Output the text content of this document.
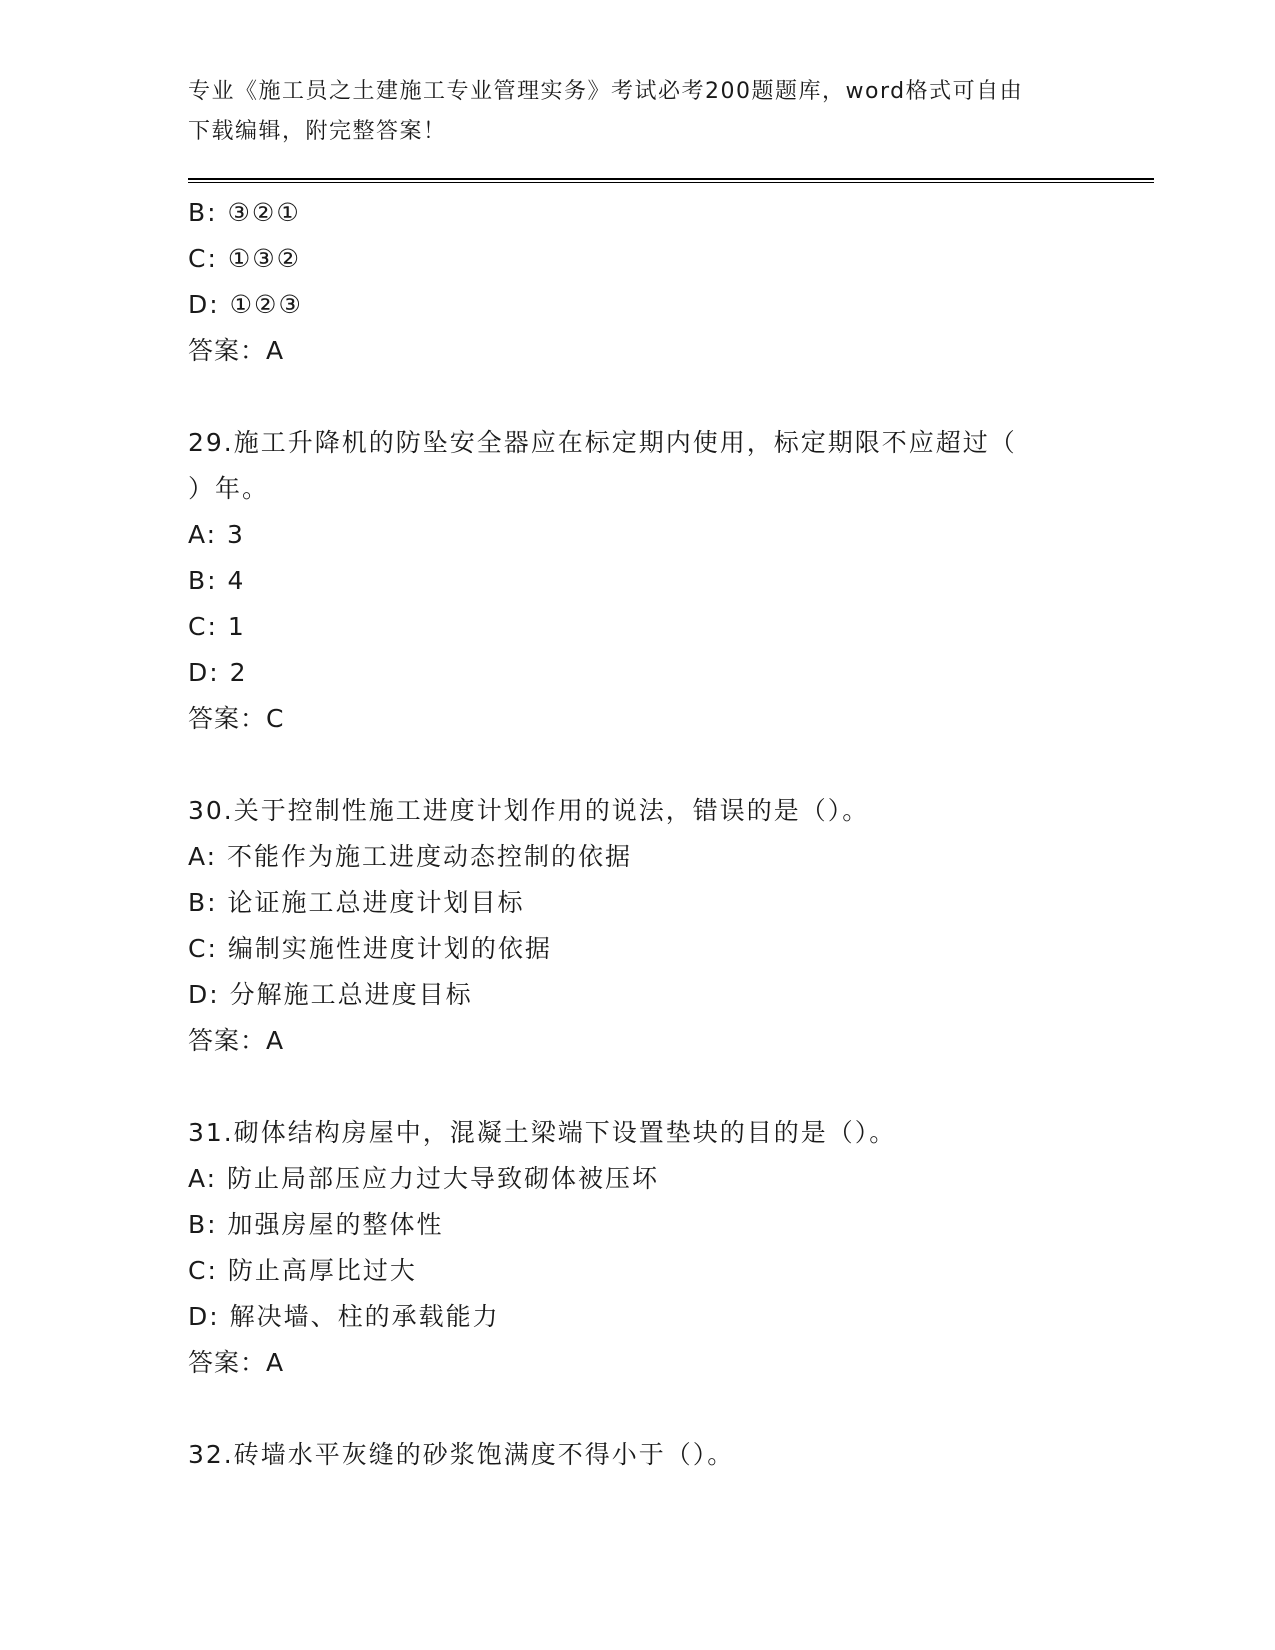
专业《施工员之土建施工专业管理实务》考试必考200题题库，word格式可自由
下载编辑，附完整答案！
B: ③②①
C: ①③②
D: ①②③
答案：A
29.施工升降机的防坠安全器应在标定期内使用，标定期限不应超过（
）年。
A: 3
B: 4
C: 1
D: 2
答案：C
30.关于控制性施工进度计划作用的说法，错误的是（）。
A: 不能作为施工进度动态控制的依据
B: 论证施工总进度计划目标
C: 编制实施性进度计划的依据
D: 分解施工总进度目标
答案：A
31.砌体结构房屋中，混凝土梁端下设置垫块的目的是（）。
A: 防止局部压应力过大导致砌体被压坏
B: 加强房屋的整体性
C: 防止高厚比过大
D: 解决墙、柱的承载能力
答案：A
32.砖墙水平灰缝的砂浆饱满度不得小于（）。
